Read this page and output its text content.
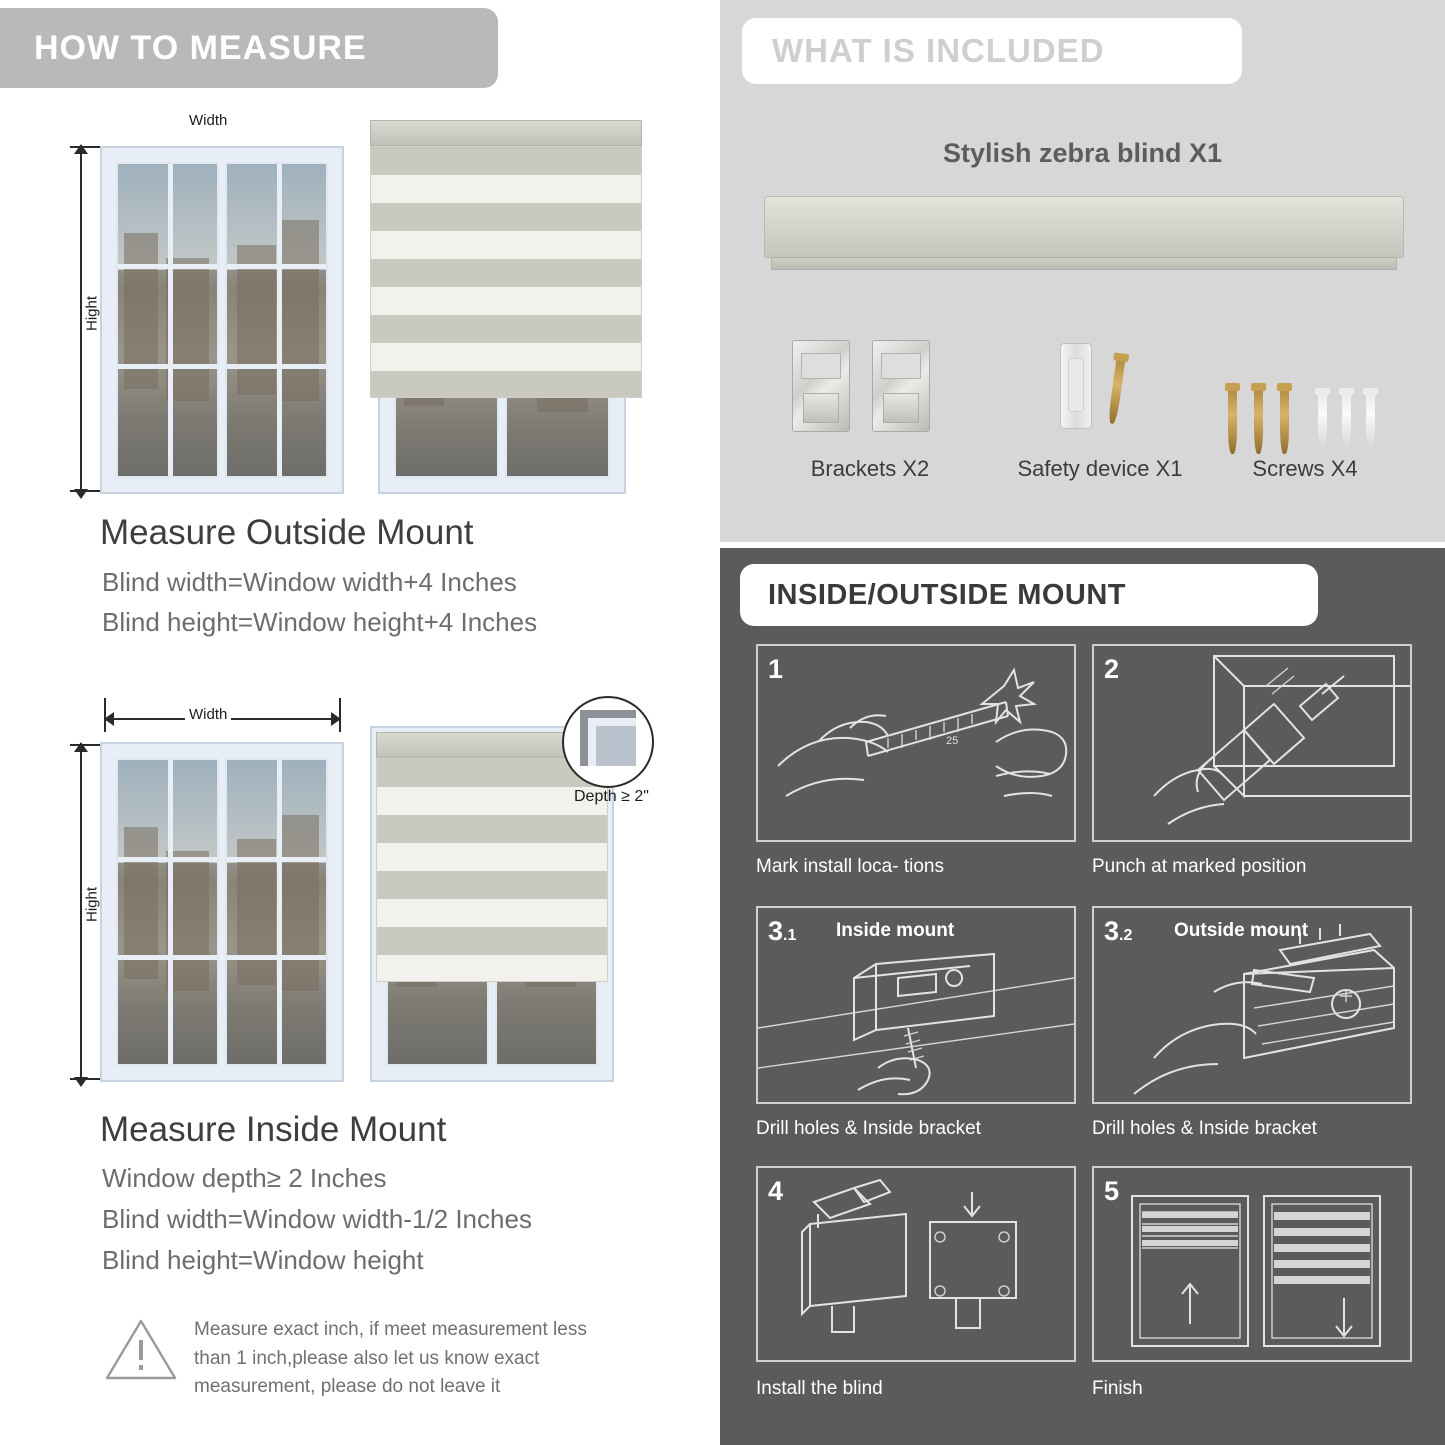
HOW TO MEASURE
Width
Hight
Measure Outside Mount
Blind width=Window width+4 Inches
Blind height=Window height+4 Inches
Width
Hight
Depth ≥ 2"
Measure Inside Mount
Window depth≥ 2 Inches
Blind width=Window width-1/2 Inches
Blind height=Window height
Measure exact inch, if meet measurement less than 1 inch,please also let us know exact measurement, please do not leave it
WHAT IS INCLUDED
Stylish zebra blind X1
Brackets X2	Safety device X1	Screws X4
INSIDE/OUTSIDE MOUNT
1
25
Mark install loca- tions
2
Punch at marked position
3.1 Inside mount
Drill holes & Inside bracket
3.2 Outside mount
Drill holes & Inside bracket
4
Install the blind
5
Finish
